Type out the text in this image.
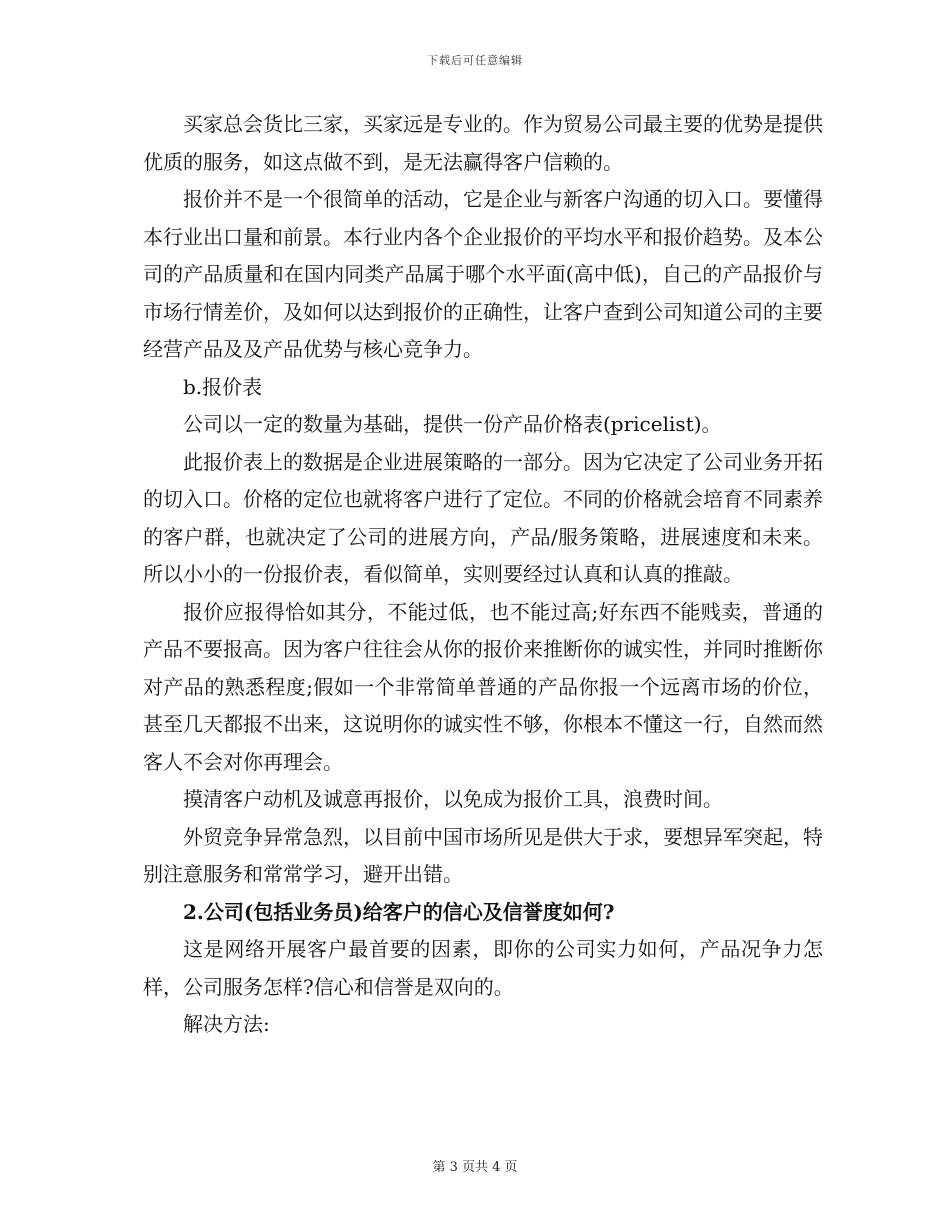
下载后可任意编辑

买家总会货比三家，买家远是专业的。作为贸易公司最主要的优势是提供优质的服务，如这点做不到，是无法赢得客户信赖的。

报价并不是一个很简单的活动，它是企业与新客户沟通的切入口。要懂得本行业出口量和前景。本行业内各个企业报价的平均水平和报价趋势。及本公司的产品质量和在国内同类产品属于哪个水平面(高中低)，自己的产品报价与市场行情差价，及如何以达到报价的正确性，让客户查到公司知道公司的主要经营产品及及产品优势与核心竞争力。

b.报价表

公司以一定的数量为基础，提供一份产品价格表(pricelist)。

此报价表上的数据是企业进展策略的一部分。因为它决定了公司业务开拓的切入口。价格的定位也就将客户进行了定位。不同的价格就会培育不同素养的客户群，也就决定了公司的进展方向，产品/服务策略，进展速度和未来。所以小小的一份报价表，看似简单，实则要经过认真和认真的推敲。

报价应报得恰如其分，不能过低，也不能过高;好东西不能贱卖，普通的产品不要报高。因为客户往往会从你的报价来推断你的诚实性，并同时推断你对产品的熟悉程度;假如一个非常简单普通的产品你报一个远离市场的价位，甚至几天都报不出来，这说明你的诚实性不够，你根本不懂这一行，自然而然客人不会对你再理会。

摸清客户动机及诚意再报价，以免成为报价工具，浪费时间。

外贸竞争异常急烈，以目前中国市场所见是供大于求，要想异军突起，特别注意服务和常常学习，避开出错。

2.公司(包括业务员)给客户的信心及信誉度如何?

这是网络开展客户最首要的因素，即你的公司实力如何，产品况争力怎样，公司服务怎样?信心和信誉是双向的。

解决方法:

第 3 页共 4 页
